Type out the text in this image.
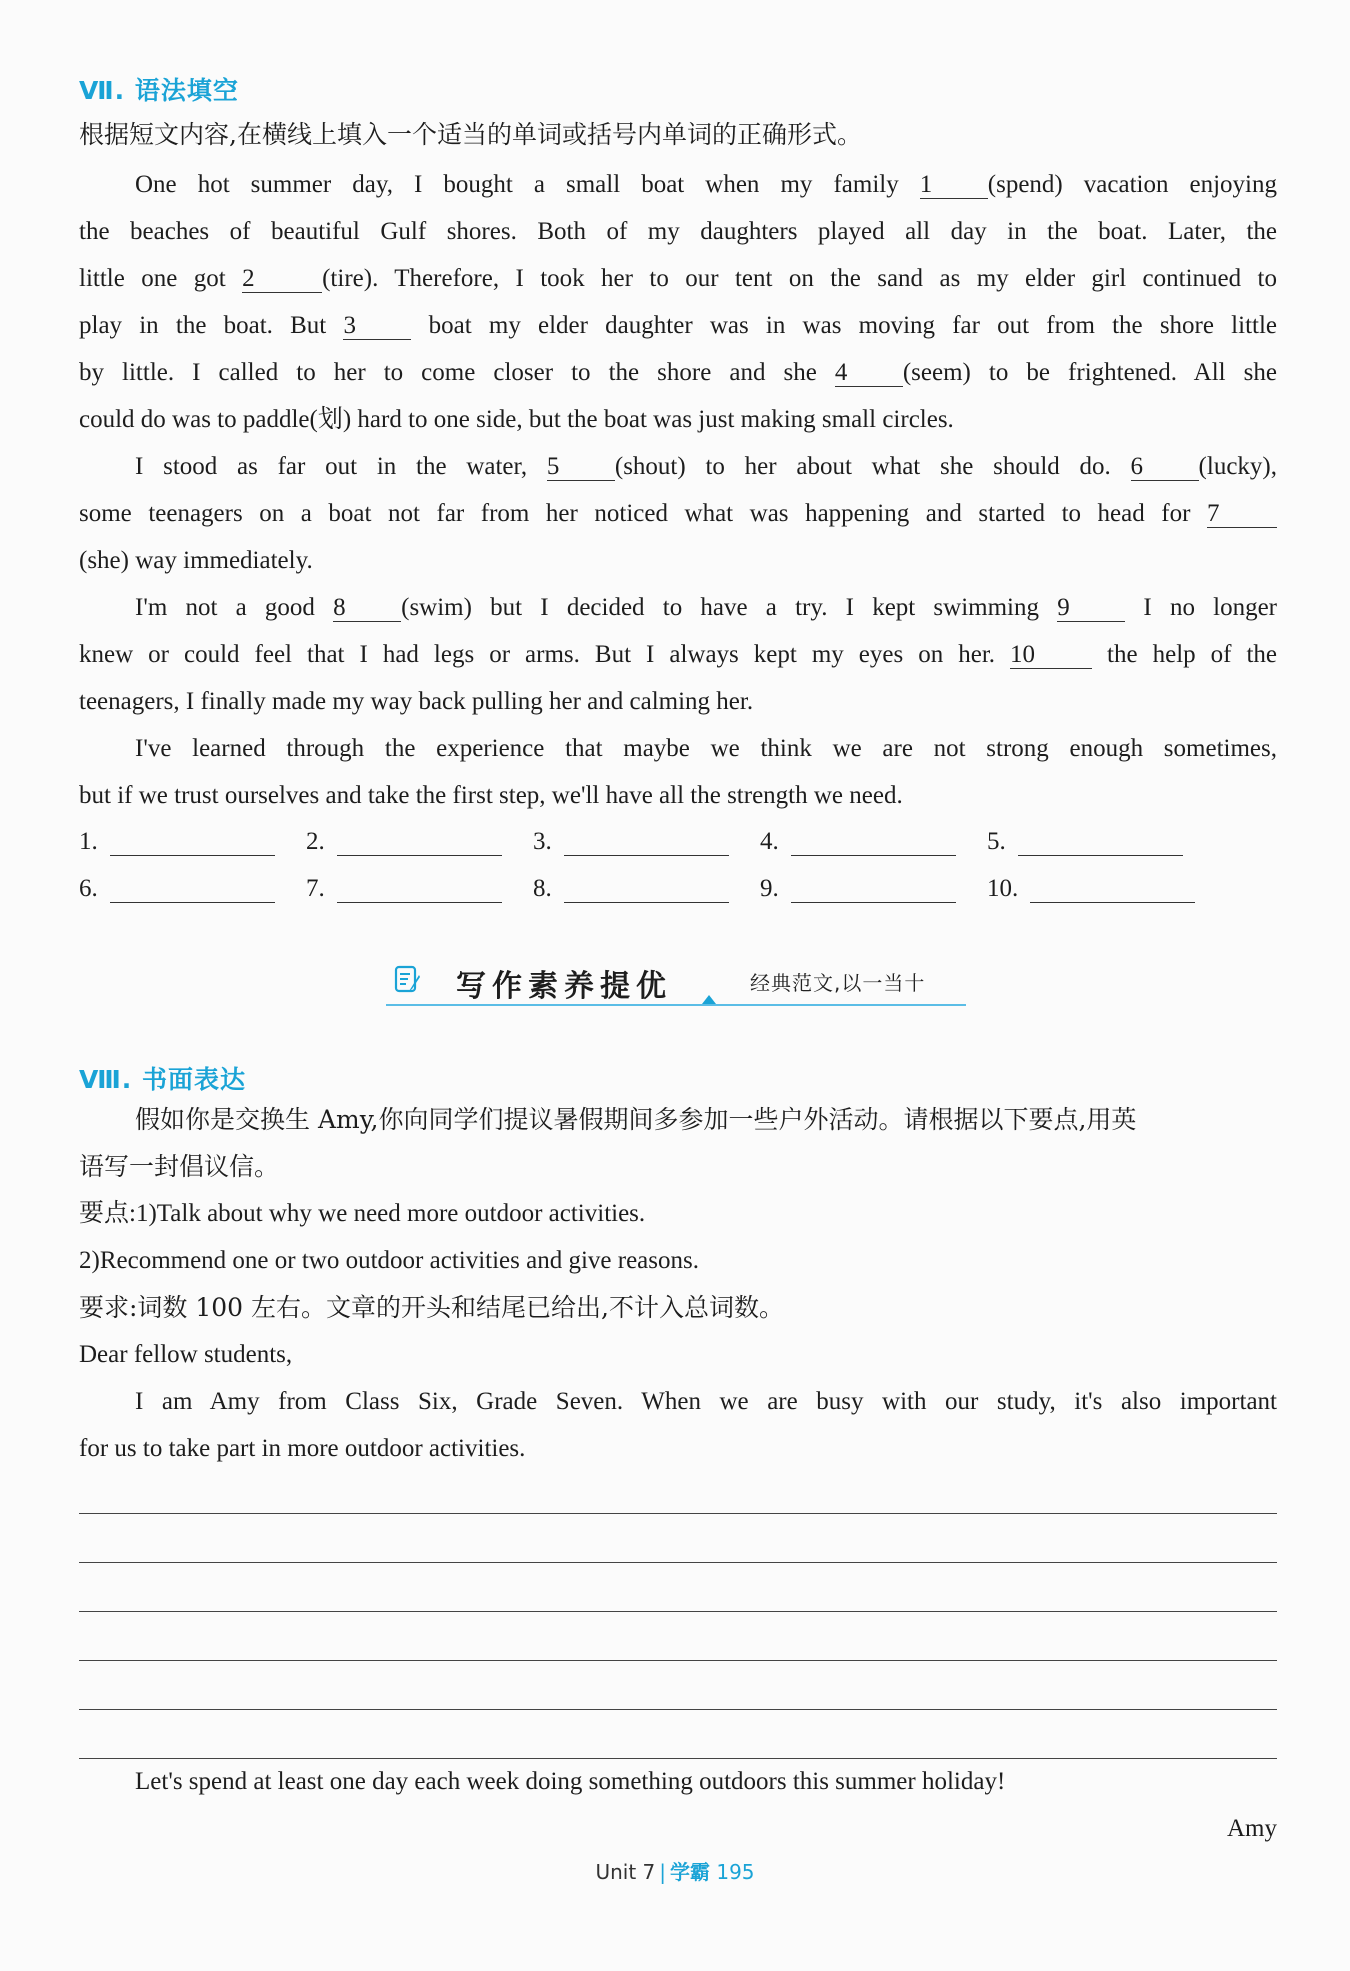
Ⅶ. 语法填空
根据短文内容,在横线上填入一个适当的单词或括号内单词的正确形式。
One hot summer day, I bought a small boat when my family 1 (spend) vacation enjoying
the beaches of beautiful Gulf shores. Both of my daughters played all day in the boat. Later, the
little one got 2	(tire). Therefore, I took her to our tent on the sand as my elder girl continued to
play in the boat. But 3	boat my elder daughter was in was moving far out from the shore little
by little. I called to her to come closer to the shore and she 4 (seem) to be frightened. All she
could do was to paddle(划) hard to one side, but the boat was just making small circles.
I stood as far out in the water, 5 (shout) to her about what she should do. 6 (lucky),
some teenagers on a boat not far from her noticed what was happening and started to head for 7
(she) way immediately.
I'm not a good 8 (swim) but I decided to have a try. I kept swimming 9	I no longer
knew or could feel that I had legs or arms. But I always kept my eyes on her. 10	the help of the
teenagers, I finally made my way back pulling her and calming her.
I've learned through the experience that maybe we think we are not strong enough sometimes,
but if we trust ourselves and take the first step, we'll have all the strength we need.
1.	2.	3.	4.	5.
6.	7.	8.	9.	10.
写作素养提优	经典范文,以一当十
Ⅷ. 书面表达
假如你是交换生 Amy,你向同学们提议暑假期间多参加一些户外活动。请根据以下要点,用英
语写一封倡议信。
要点:1)Talk about why we need more outdoor activities.
2)Recommend one or two outdoor activities and give reasons.
要求:词数 100 左右。文章的开头和结尾已给出,不计入总词数。
Dear fellow students,
I am Amy from Class Six, Grade Seven. When we are busy with our study, it's also important
for us to take part in more outdoor activities.
Let's spend at least one day each week doing something outdoors this summer holiday!
Amy
Unit 7 | 学霸 195
